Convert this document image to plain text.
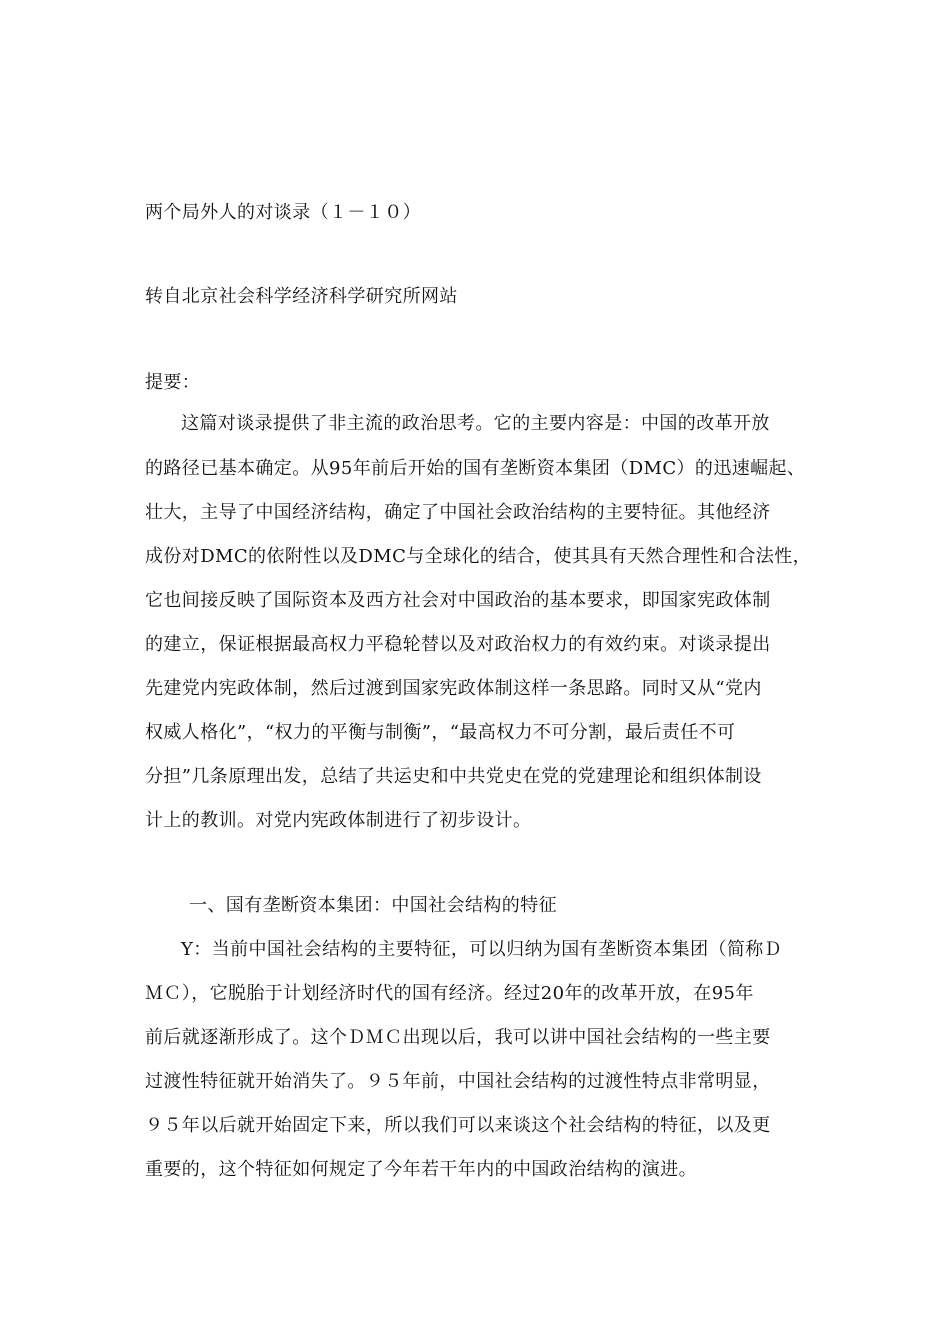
两个局外人的对谈录（１－１０）
转自北京社会科学经济科学研究所网站
提要：
这篇对谈录提供了非主流的政治思考。它的主要内容是：中国的改革开放
的路径已基本确定。从95年前后开始的国有垄断资本集团（DMC）的迅速崛起、
壮大，主导了中国经济结构，确定了中国社会政治结构的主要特征。其他经济
成份对DMC的依附性以及DMC与全球化的结合，使其具有天然合理性和合法性，
它也间接反映了国际资本及西方社会对中国政治的基本要求，即国家宪政体制
的建立，保证根据最高权力平稳轮替以及对政治权力的有效约束。对谈录提出
先建党内宪政体制，然后过渡到国家宪政体制这样一条思路。同时又从“党内
权威人格化”，“权力的平衡与制衡”，“最高权力不可分割，最后责任不可
分担”几条原理出发，总结了共运史和中共党史在党的党建理论和组织体制设
计上的教训。对党内宪政体制进行了初步设计。
一、国有垄断资本集团：中国社会结构的特征
Y：当前中国社会结构的主要特征，可以归纳为国有垄断资本集团（简称Ｄ
ＭＣ），它脱胎于计划经济时代的国有经济。经过20年的改革开放，在95年
前后就逐渐形成了。这个ＤＭＣ出现以后，我可以讲中国社会结构的一些主要
过渡性特征就开始消失了。９５年前，中国社会结构的过渡性特点非常明显，
９５年以后就开始固定下来，所以我们可以来谈这个社会结构的特征，以及更
重要的，这个特征如何规定了今年若干年内的中国政治结构的演进。
